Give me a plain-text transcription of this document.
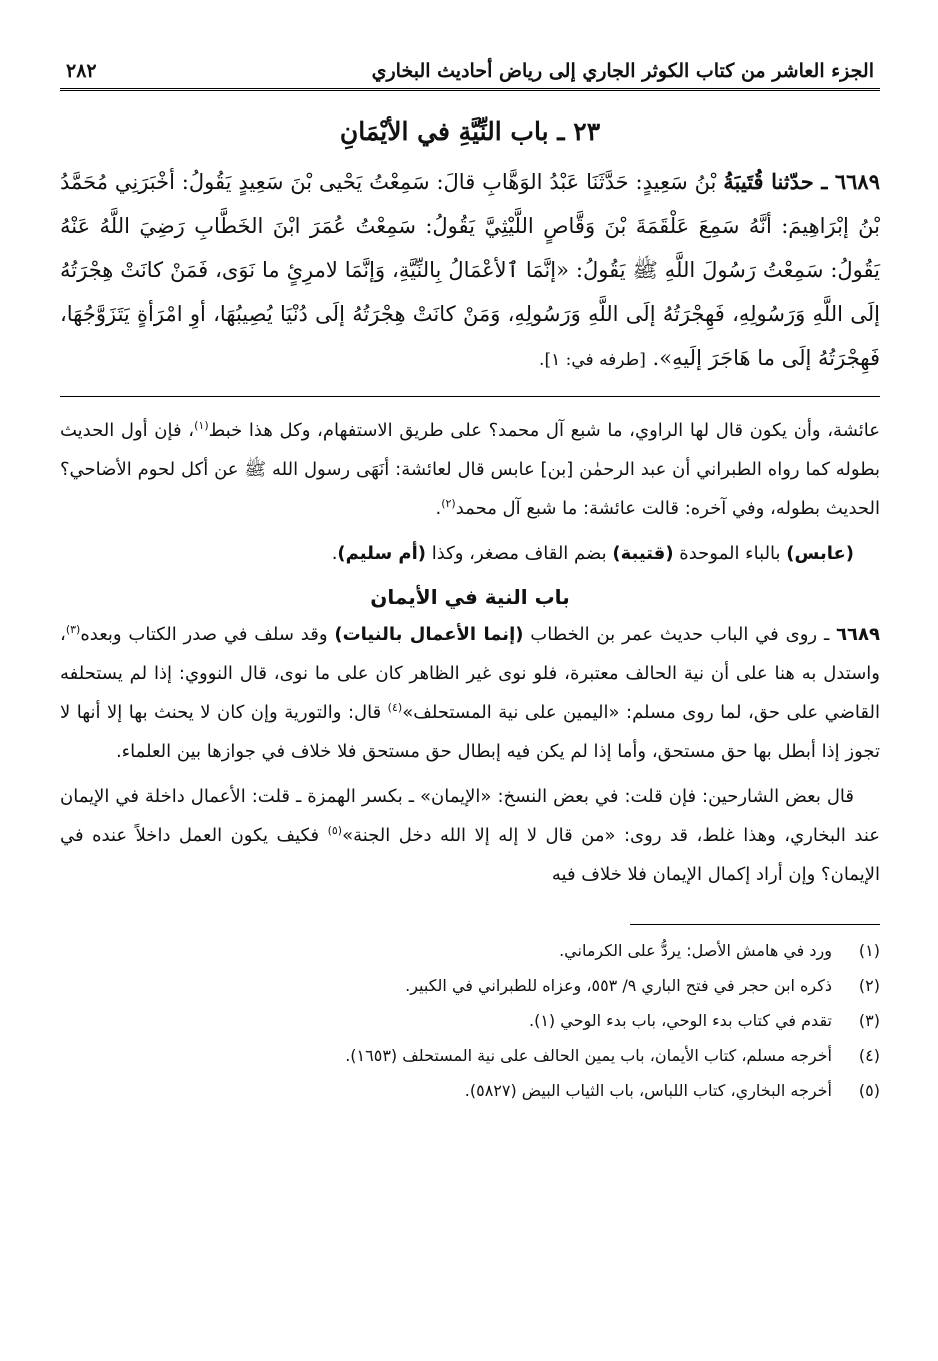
الجزء العاشر من كتاب الكوثر الجاري إلى رياض أحاديث البخاري
٢٨٢
٢٣ ـ باب النِّيَّةِ في الأيْمَانِ

٦٦٨٩ ـ حدّثنا قُتَيبَةُ بْنُ سَعِيدٍ: حَدَّثَنَا عَبْدُ الوَهَّابِ قالَ: سَمِعْتُ يَحْيى بْنَ سَعِيدٍ يَقُولُ: أخْبَرَنِي مُحَمَّدُ بْنُ إبْرَاهِيمَ: أنَّهُ سَمِعَ عَلْقَمَةَ بْنَ وَقَّاصٍ اللَّيْثِيَّ يَقُولُ: سَمِعْتُ عُمَرَ ابْنَ الخَطَّابِ رَضِيَ اللَّهُ عَنْهُ يَقُولُ: سَمِعْتُ رَسُولَ اللَّهِ ﷺ يَقُولُ: «إنَّمَا ٱلأعْمَالُ بِالنِّيَّةِ، وَإنَّمَا لامرِئٍ ما نَوَى، فَمَنْ كانَتْ هِجْرَتُهُ إلَى اللَّهِ وَرَسُولِهِ، فَهِجْرَتُهُ إلَى اللَّهِ وَرَسُولِهِ، وَمَنْ كانَتْ هِجْرَتُهُ إلَى دُنْيَا يُصِيبُهَا، أوِ امْرَأةٍ يَتَزَوَّجُهَا، فَهِجْرَتُهُ إلَى ما هَاجَرَ إلَيهِ». [طرفه في: ١].

عائشة، وأن يكون قال لها الراوي، ما شبع آل محمد؟ على طريق الاستفهام، وكل هذا خبط$^{(١)}$، فإن أول الحديث بطوله كما رواه الطبراني أن عبد الرحمٰن [بن] عابس قال لعائشة: أنَهَى رسول الله ﷺ عن أكل لحوم الأضاحي؟ الحديث بطوله، وفي آخره: قالت عائشة: ما شبع آل محمد$^{(٢)}$.

(عابس) بالباء الموحدة (قتيبة) بضم القاف مصغر، وكذا (أم سليم).

باب النية في الأيمان

٦٦٨٩ ـ روى في الباب حديث عمر بن الخطاب (إنما الأعمال بالنيات) وقد سلف في صدر الكتاب وبعده$^{(٣)}$، واستدل به هنا على أن نية الحالف معتبرة، فلو نوى غير الظاهر كان على ما نوى، قال النووي: إذا لم يستحلفه القاضي على حق، لما روى مسلم: «اليمين على نية المستحلف»$^{(٤)}$ قال: والتورية وإن كان لا يحنث بها إلا أنها لا تجوز إذا أبطل بها حق مستحق، وأما إذا لم يكن فيه إبطال حق مستحق فلا خلاف في جوازها بين العلماء.

قال بعض الشارحين: فإن قلت: في بعض النسخ: «الإيمان» ـ بكسر الهمزة ـ قلت: الأعمال داخلة في الإيمان عند البخاري، وهذا غلط، قد روى: «من قال لا إله إلا الله دخل الجنة»$^{(٥)}$ فكيف يكون العمل داخلاً عنده في الإيمان؟ وإن أراد إكمال الإيمان فلا خلاف فيه

(١)
ورد في هامش الأصل: يردُّ على الكرماني.
(٢)
ذكره ابن حجر في فتح الباري ٩/ ٥٥٣، وعزاه للطبراني في الكبير.
(٣)
تقدم في كتاب بدء الوحي، باب بدء الوحي (١).
(٤)
أخرجه مسلم، كتاب الأيمان، باب يمين الحالف على نية المستحلف (١٦٥٣).
(٥)
أخرجه البخاري، كتاب اللباس، باب الثياب البيض (٥٨٢٧).
